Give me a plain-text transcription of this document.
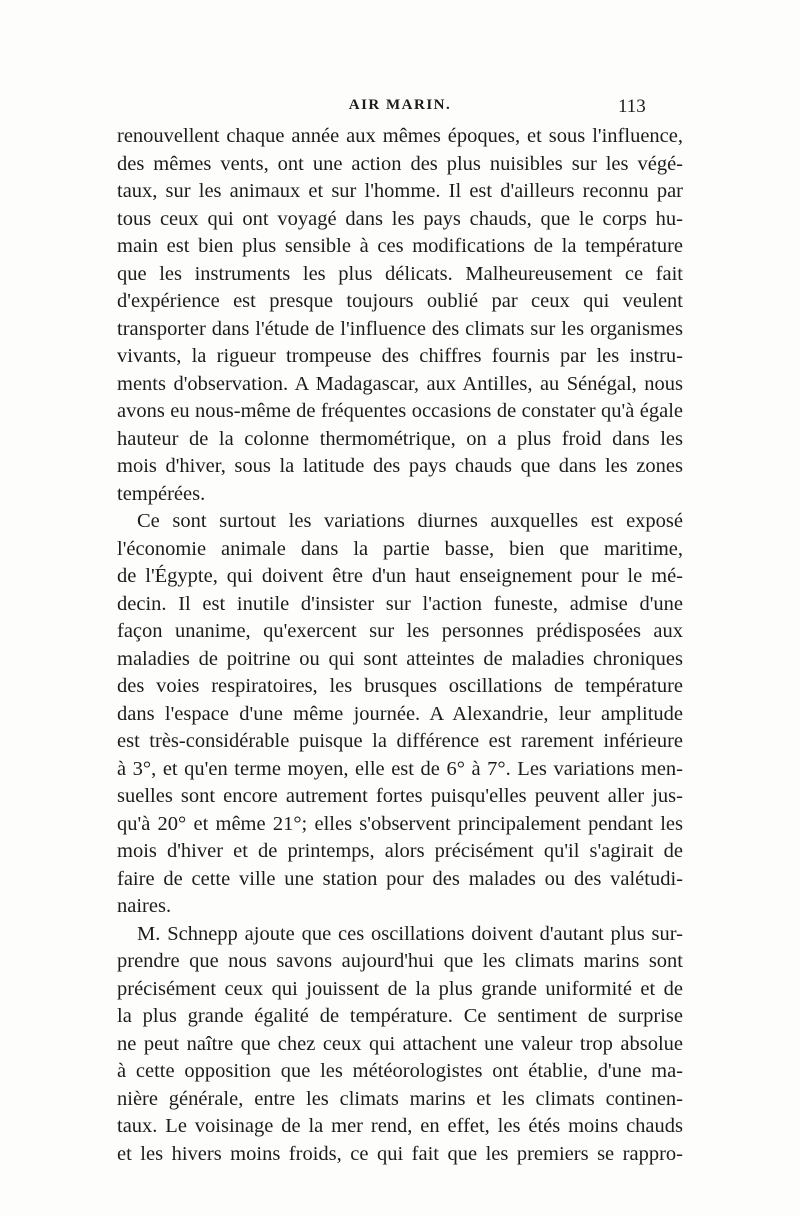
AIR MARIN.	113
renouvellent chaque année aux mêmes époques, et sous l'influence,
des mêmes vents, ont une action des plus nuisibles sur les végé-
taux, sur les animaux et sur l'homme. Il est d'ailleurs reconnu par
tous ceux qui ont voyagé dans les pays chauds, que le corps hu-
main est bien plus sensible à ces modifications de la température
que les instruments les plus délicats. Malheureusement ce fait
d'expérience est presque toujours oublié par ceux qui veulent
transporter dans l'étude de l'influence des climats sur les organismes
vivants, la rigueur trompeuse des chiffres fournis par les instru-
ments d'observation. A Madagascar, aux Antilles, au Sénégal, nous
avons eu nous-même de fréquentes occasions de constater qu'à égale
hauteur de la colonne thermométrique, on a plus froid dans les
mois d'hiver, sous la latitude des pays chauds que dans les zones
tempérées.
Ce sont surtout les variations diurnes auxquelles est exposé
l'économie animale dans la partie basse, bien que maritime,
de l'Égypte, qui doivent être d'un haut enseignement pour le mé-
decin. Il est inutile d'insister sur l'action funeste, admise d'une
façon unanime, qu'exercent sur les personnes prédisposées aux
maladies de poitrine ou qui sont atteintes de maladies chroniques
des voies respiratoires, les brusques oscillations de température
dans l'espace d'une même journée. A Alexandrie, leur amplitude
est très-considérable puisque la différence est rarement inférieure
à 3°, et qu'en terme moyen, elle est de 6° à 7°. Les variations men-
suelles sont encore autrement fortes puisqu'elles peuvent aller jus-
qu'à 20° et même 21°; elles s'observent principalement pendant les
mois d'hiver et de printemps, alors précisément qu'il s'agirait de
faire de cette ville une station pour des malades ou des valétudi-
naires.
M. Schnepp ajoute que ces oscillations doivent d'autant plus sur-
prendre que nous savons aujourd'hui que les climats marins sont
précisément ceux qui jouissent de la plus grande uniformité et de
la plus grande égalité de température. Ce sentiment de surprise
ne peut naître que chez ceux qui attachent une valeur trop absolue
à cette opposition que les météorologistes ont établie, d'une ma-
nière générale, entre les climats marins et les climats continen-
taux. Le voisinage de la mer rend, en effet, les étés moins chauds
et les hivers moins froids, ce qui fait que les premiers se rappro-
